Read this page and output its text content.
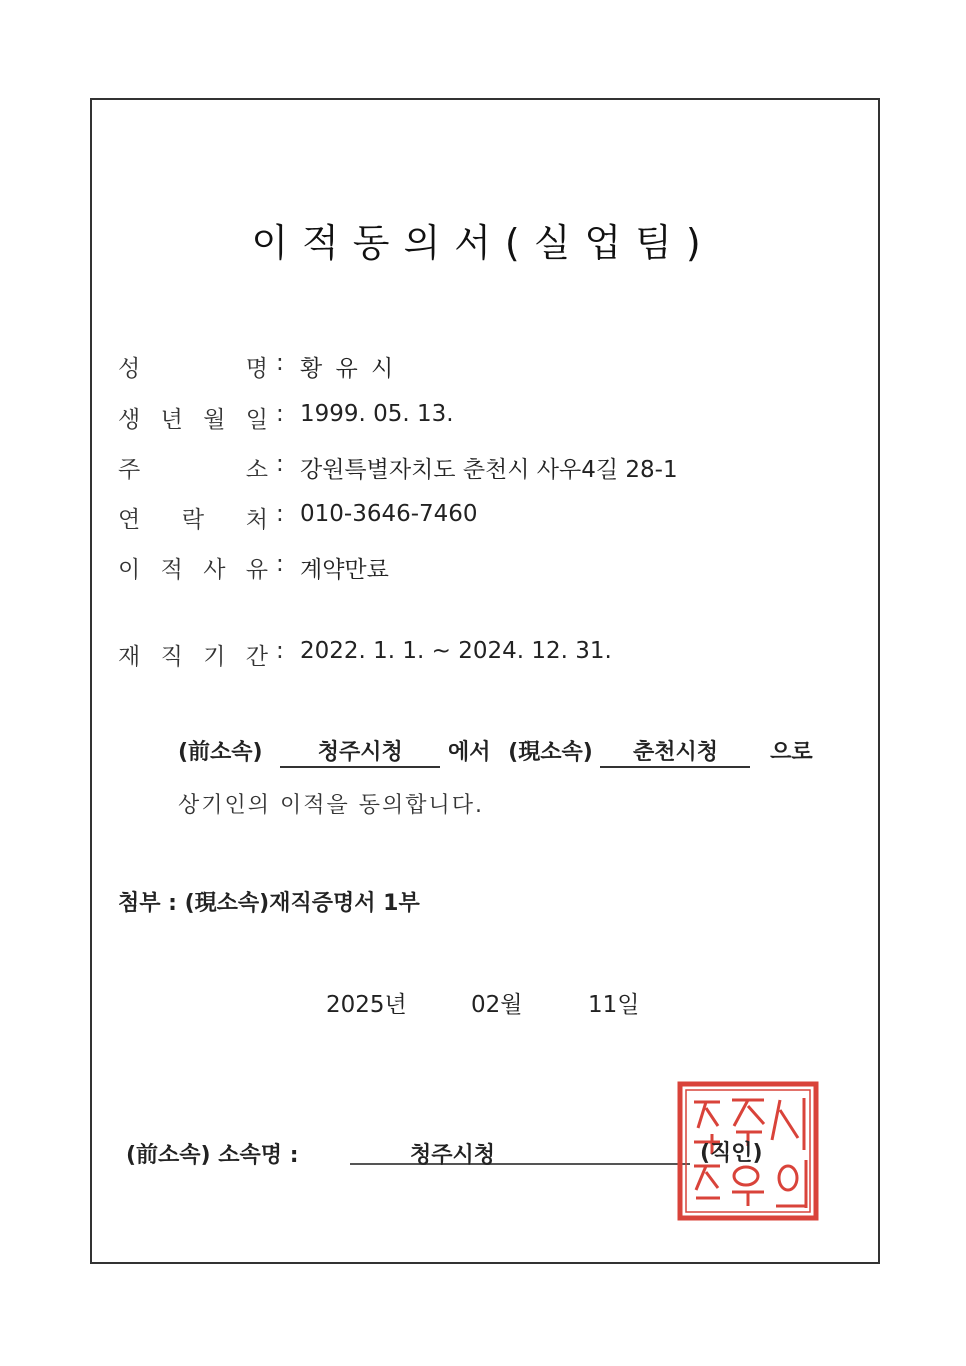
이적동의서(실업팀)
성	명 : 황 유 시
생 년 월 일 : 1999. 05. 13.
주	소 : 강원특별자치도 춘천시 사우4길 28-1
연 락 처 : 010-3646-7460
이 적 사 유 : 계약만료
재 직 기 간 : 2022. 1. 1. ~ 2024. 12. 31.
(前소속)	청주시청 에서 (現소속) 춘천시청 으로
상기인의 이적을 동의합니다.
첨부 : (現소속)재직증명서 1부
2025년	02월	11일
(前소속) 소속명 :	청주시청	(직인)
